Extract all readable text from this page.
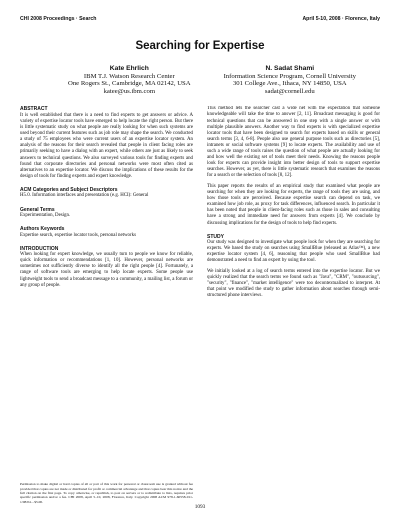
CHI 2008 Proceedings · Search	April 5-10, 2008 · Florence, Italy
Searching for Expertise
Kate Ehrlich
IBM T.J. Watson Research Center
One Rogers St., Cambridge, MA 02142, USA
katee@us.ibm.com
N. Sadat Shami
Information Science Program, Cornell University
301 College Ave., Ithaca, NY 14850, USA
sadat@cornell.edu
ABSTRACT

It is well established that there is a need to find experts to get answers or advice. A variety of expertise locator tools have emerged to help locate the right person. But there is little systematic study on what people are really looking for when such systems are used beyond their current features such as job role may shape the search. We conducted a study of 75 employees who were current users of an expertise locator system. An analysis of the reasons for their search revealed that people in client facing roles are primarily seeking to have a dialog with an expert, while others are just as likely to seek answers to technical questions. We also surveyed various tools for finding experts and found that corporate directories and personal networks were most often cited as alternatives to an expertise locator. We discuss the implications of these results for the design of tools for finding experts and expert knowledge.

ACM Categories and Subject Descriptors

H5.0. Information interfaces and presentation (e.g. HCI): General

General Terms

Experimentation, Design.

Authors Keywords

Expertise search, expertise locator tools, personal networks

INTRODUCTION

When looking for expert knowledge, we usually turn to people we know for reliable, quick information or recommendations [1, 10]. However, personal networks are sometimes not sufficiently diverse to identify all the right people [4]. Fortunately, a range of software tools are emerging to help locate experts. Some people use lightweight tools to send a broadcast message to a community, a mailing list, a forum or any group of people.

Permission to make digital or hard copies of all or part of this work for personal or classroom use is granted without fee provided that copies are not made or distributed for profit or commercial advantage and that copies bear this notice and the full citation on the first page. To copy otherwise, or republish, to post on servers or to redistribute to lists, requires prior specific permission and/or a fee. CHI 2008, April 5–10, 2008, Florence, Italy. Copyright 2008 ACM 978-1-60558-011-1/08/04…$5.00.

This method lets the searcher cast a wide net with the expectation that someone knowledgeable will take the time to answer [2, 11]. Broadcast messaging is good for technical questions that can be answered in one step with a single answer or with multiple plausible answers. Another way to find experts is with specialized expertise locator tools that have been designed to search for experts based on skills or general search terms [3, 4, 6-8]. People also use general purpose tools such as directories [5], intranets or social software systems [9] to locate experts. The availability and use of such a wide range of tools raises the question of what people are actually looking for and how well the existing set of tools meet their needs. Knowing the reasons people look for experts can provide insight into better design of tools to support expertise searches. However, as yet, there is little systematic research that examines the reasons for a search or the selection of tools [8, 12].

This paper reports the results of an empirical study that examined what people are searching for when they are looking for experts, the range of tools they are using, and how those tools are perceived. Because expertise search can depend on task, we examined how job role, as proxy for task differences, influenced search. In particular it has been noted that people in client-facing roles such as those in sales and consulting have a strong and immediate need for answers from experts [4]. We conclude by discussing implications for the design of tools to help find experts.

STUDY

Our study was designed to investigate what people look for when they are searching for experts. We based the study on searches using SmallBlue (released as Atlas™), a new expertise locator system [4, 6], reasoning that people who used SmallBlue had demonstrated a need to find an expert by using the tool.

We initially looked at a log of search terms entered into the expertise locator. But we quickly realized that the search terms we found such as "Java", "CRM", "outsourcing", "security", "finance", "market intelligence" were too decontextualized to interpret. At that point we modified the study to gather information about searches through semi-structured phone interviews.

1093
